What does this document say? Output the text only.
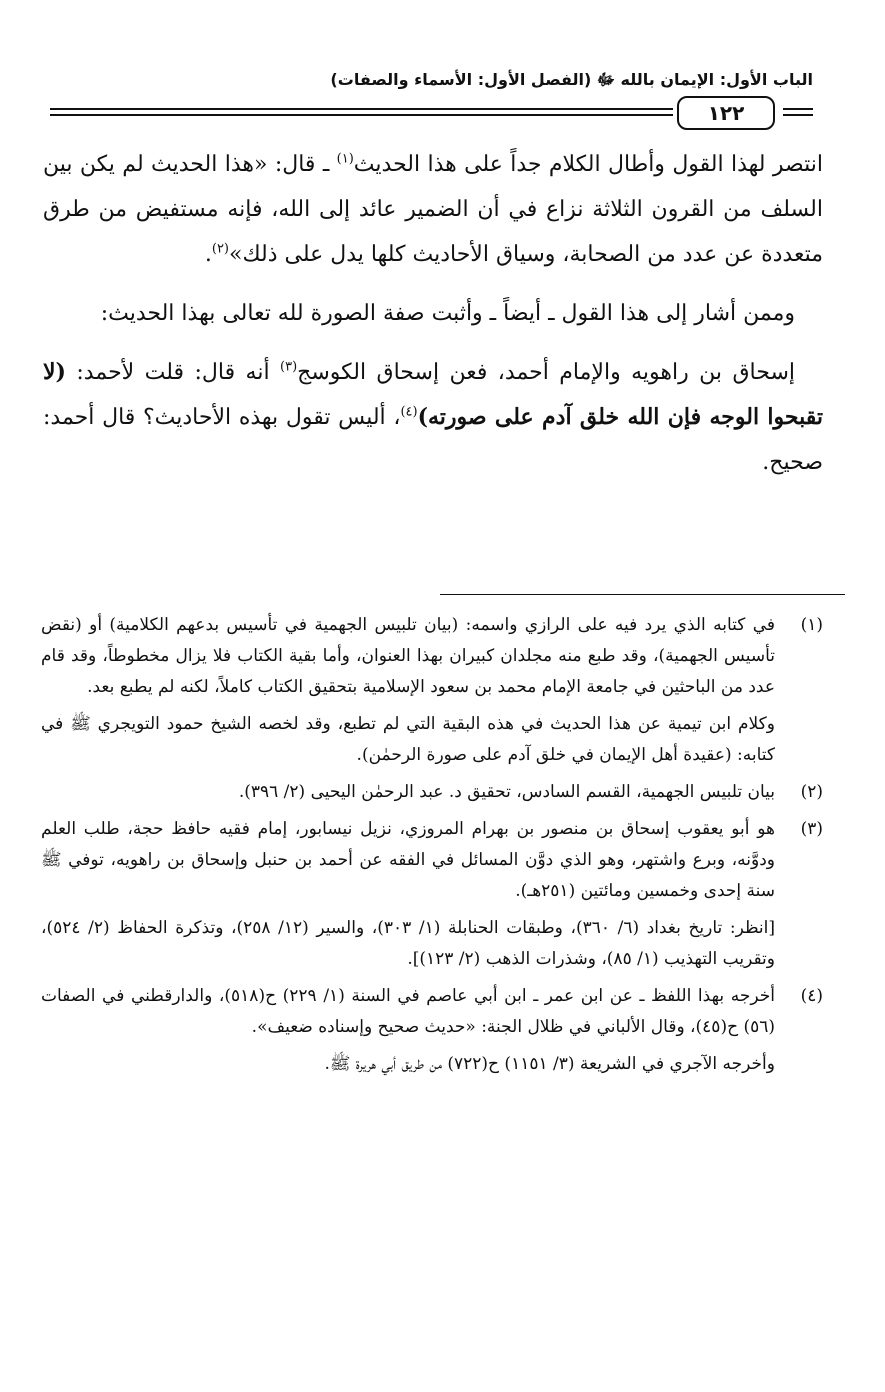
الباب الأول: الإيمان بالله ﷻ (الفصل الأول: الأسماء والصفات)
١٢٢

انتصر لهذا القول وأطال الكلام جداً على هذا الحديث$^{(١)}$ ـ قال: «هذا الحديث لم يكن بين السلف من القرون الثلاثة نزاع في أن الضمير عائد إلى الله، فإنه مستفيض من طرق متعددة عن عدد من الصحابة، وسياق الأحاديث كلها يدل على ذلك»$^{(٢)}$.

وممن أشار إلى هذا القول ـ أيضاً ـ وأثبت صفة الصورة لله تعالى بهذا الحديث:

إسحاق بن راهويه والإمام أحمد، فعن إسحاق الكوسج$^{(٣)}$ أنه قال: قلت لأحمد: (لا تقبحوا الوجه فإن الله خلق آدم على صورته)$^{(٤)}$، أليس تقول بهذه الأحاديث؟ قال أحمد: صحيح.

(١)

في كتابه الذي يرد فيه على الرازي واسمه: (بيان تلبيس الجهمية في تأسيس بدعهم الكلامية) أو (نقض تأسيس الجهمية)، وقد طبع منه مجلدان كبيران بهذا العنوان، وأما بقية الكتاب فلا يزال مخطوطاً، وقد قام عدد من الباحثين في جامعة الإمام محمد بن سعود الإسلامية بتحقيق الكتاب كاملاً، لكنه لم يطبع بعد.

وكلام ابن تيمية عن هذا الحديث في هذه البقية التي لم تطبع، وقد لخصه الشيخ حمود التويجري ﷺ في كتابه: (عقيدة أهل الإيمان في خلق آدم على صورة الرحمٰن).

(٢)

بيان تلبيس الجهمية، القسم السادس، تحقيق د. عبد الرحمٰن اليحيى (٢/ ٣٩٦).

(٣)

هو أبو يعقوب إسحاق بن منصور بن بهرام المروزي، نزيل نيسابور، إمام فقيه حافظ حجة، طلب العلم ودوَّنه، وبرع واشتهر، وهو الذي دوَّن المسائل في الفقه عن أحمد بن حنبل وإسحاق بن راهويه، توفي ﷺ سنة إحدى وخمسين ومائتين (٢٥١هـ).

[انظر: تاريخ بغداد (٦/ ٣٦٠)، وطبقات الحنابلة (١/ ٣٠٣)، والسير (١٢/ ٢٥٨)، وتذكرة الحفاظ (٢/ ٥٢٤)، وتقريب التهذيب (١/ ٨٥)، وشذرات الذهب (٢/ ١٢٣)].

(٤)

أخرجه بهذا اللفظ ـ عن ابن عمر ـ ابن أبي عاصم في السنة (١/ ٢٢٩) ح(٥١٨)، والدارقطني في الصفات (٥٦) ح(٤٥)، وقال الألباني في ظلال الجنة: «حديث صحيح وإسناده ضعيف».

وأخرجه الآجري في الشريعة (٣/ ١١٥١) ح(٧٢٢) من طريق أبي هريرة ﷺ.
